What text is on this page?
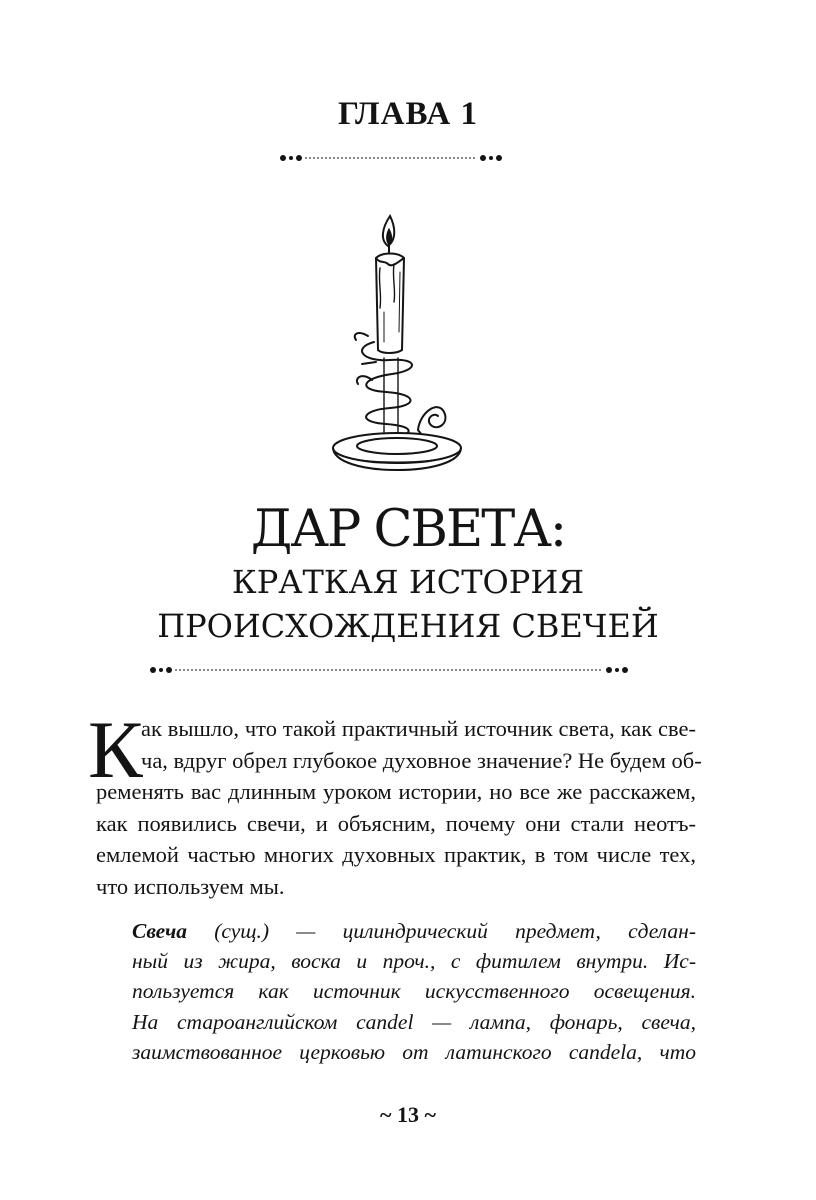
ГЛАВА 1
ДАР СВЕТА:
КРАТКАЯ ИСТОРИЯ
ПРОИСХОЖДЕНИЯ СВЕЧЕЙ
К
ак вышло, что такой практичный источник света, как све-
ча, вдруг обрел глубокое духовное значение? Не будем об-
ременять вас длинным уроком истории, но все же расскажем,
как появились свечи, и объясним, почему они стали неотъ-
емлемой частью многих духовных практик, в том числе тех,
что используем мы.
Свеча (сущ.) — цилиндрический предмет, сделан-
ный из жира, воска и проч., с фитилем внутри. Ис-
пользуется как источник искусственного освещения.
На староанглийском candel — лампа, фонарь, свеча,
заимствованное церковью от латинского candela, что
~ 13 ~
